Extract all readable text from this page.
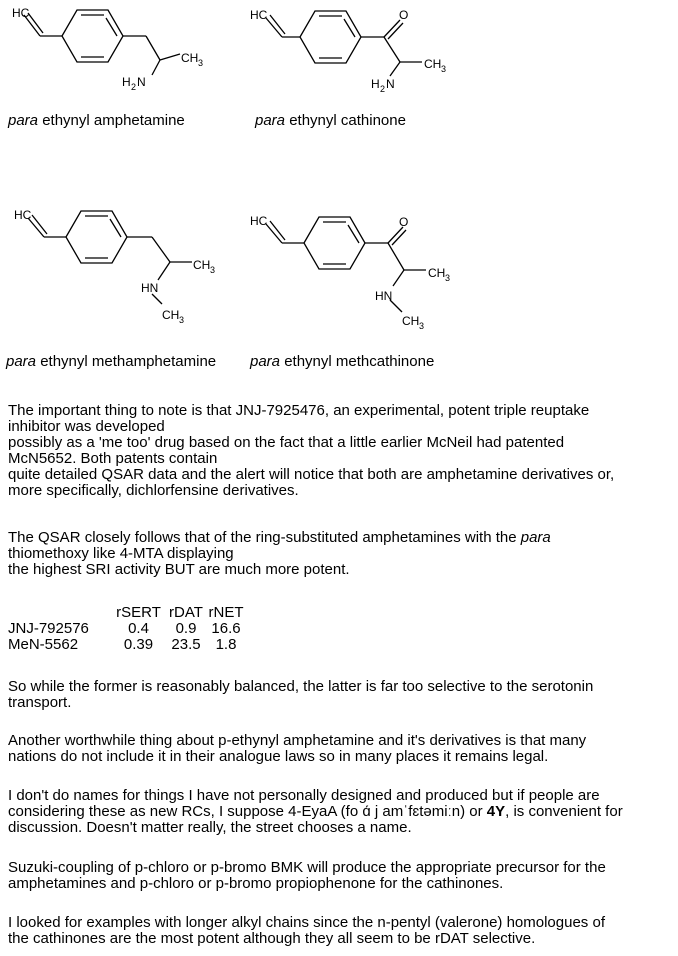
HC
CH 3
H 2 N
para ethynyl amphetamine
HC	O
CH 3
H 2 N
para ethynyl cathinone
HC
CH 3
HN
CH 3
para ethynyl methamphetamine
HC	O
CH 3
HN
CH 3
para ethynyl methcathinone
The important thing to note is that JNJ-7925476, an experimental, potent triple reuptake
inhibitor was developed
possibly as a 'me too' drug based on the fact that a little earlier McNeil had patented
McN5652. Both patents contain
quite detailed QSAR data and the alert will notice that both are amphetamine derivatives or,
more specifically, dichlorfensine derivatives.
The QSAR closely follows that of the ring-substituted amphetamines with the para
thiomethoxy like 4-MTA displaying
the highest SRI activity BUT are much more potent.
	rSERT	rDAT	rNET
JNJ-792576	0.4	0.9	16.6
MeN-5562	0.39	23.5	1.8
So while the former is reasonably balanced, the latter is far too selective to the serotonin
transport.
Another worthwhile thing about p-ethynyl amphetamine and it's derivatives is that many
nations do not include it in their analogue laws so in many places it remains legal.
I don't do names for things I have not personally designed and produced but if people are
considering these as new RCs, I suppose 4-EyaA (fo ɑ́ j amˈfɛtəmiːn) or 4Y, is convenient for
discussion. Doesn't matter really, the street chooses a name.
Suzuki-coupling of p-chloro or p-bromo BMK will produce the appropriate precursor for the
amphetamines and p-chloro or p-bromo propiophenone for the cathinones.
I looked for examples with longer alkyl chains since the n-pentyl (valerone) homologues of
the cathinones are the most potent although they all seem to be rDAT selective.
